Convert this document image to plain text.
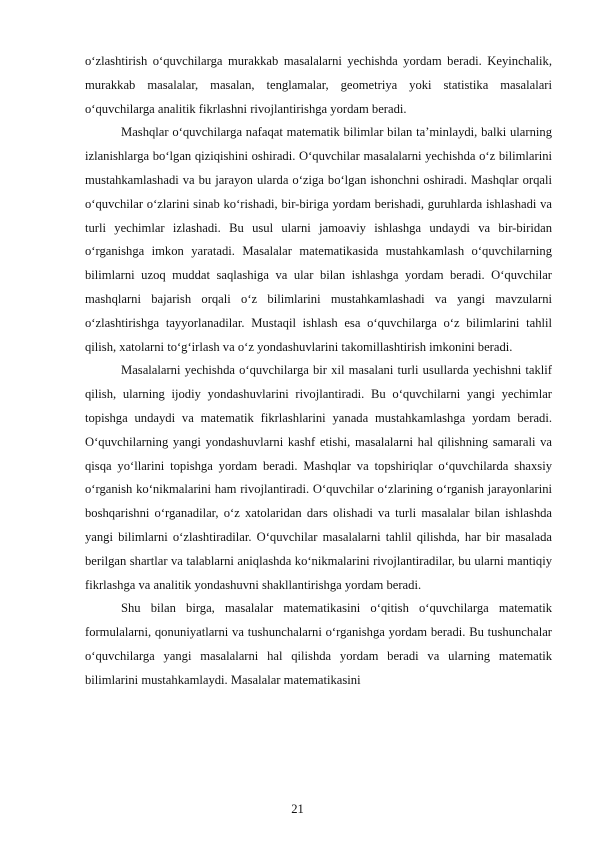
o‘zlashtirish o‘quvchilarga murakkab masalalarni yechishda yordam beradi. Keyinchalik, murakkab masalalar, masalan, tenglamalar, geometriya yoki statistika masalalari o‘quvchilarga analitik fikrlashni rivojlantirishga yordam beradi.

Mashqlar o‘quvchilarga nafaqat matematik bilimlar bilan ta’minlaydi, balki ularning izlanishlarga bo‘lgan qiziqishini oshiradi. O‘quvchilar masalalarni yechishda o‘z bilimlarini mustahkamlashadi va bu jarayon ularda o‘ziga bo‘lgan ishonchni oshiradi. Mashqlar orqali o‘quvchilar o‘zlarini sinab ko‘rishadi, bir-biriga yordam berishadi, guruhlarda ishlashadi va turli yechimlar izlashadi. Bu usul ularni jamoaviy ishlashga undaydi va bir-biridan o‘rganishga imkon yaratadi. Masalalar matematikasida mustahkamlash o‘quvchilarning bilimlarni uzoq muddat saqlashiga va ular bilan ishlashga yordam beradi. O‘quvchilar mashqlarni bajarish orqali o‘z bilimlarini mustahkamlashadi va yangi mavzularni o‘zlashtirishga tayyorlanadilar. Mustaqil ishlash esa o‘quvchilarga o‘z bilimlarini tahlil qilish, xatolarni to‘g‘irlash va o‘z yondashuvlarini takomillashtirish imkonini beradi.

Masalalarni yechishda o‘quvchilarga bir xil masalani turli usullarda yechishni taklif qilish, ularning ijodiy yondashuvlarini rivojlantiradi. Bu o‘quvchilarni yangi yechimlar topishga undaydi va matematik fikrlashlarini yanada mustahkamlashga yordam beradi. O‘quvchilarning yangi yondashuvlarni kashf etishi, masalalarni hal qilishning samarali va qisqa yo‘llarini topishga yordam beradi. Mashqlar va topshiriqlar o‘quvchilarda shaxsiy o‘rganish ko‘nikmalarini ham rivojlantiradi. O‘quvchilar o‘zlarining o‘rganish jarayonlarini boshqarishni o‘rganadilar, o‘z xatolaridan dars olishadi va turli masalalar bilan ishlashda yangi bilimlarni o‘zlashtiradilar. O‘quvchilar masalalarni tahlil qilishda, har bir masalada berilgan shartlar va talablarni aniqlashda ko‘nikmalarini rivojlantiradilar, bu ularni mantiqiy fikrlashga va analitik yondashuvni shakllantirishga yordam beradi.

Shu bilan birga, masalalar matematikasini o‘qitish o‘quvchilarga matematik formulalarni, qonuniyatlarni va tushunchalarni o‘rganishga yordam beradi. Bu tushunchalar o‘quvchilarga yangi masalalarni hal qilishda yordam beradi va ularning matematik bilimlarini mustahkamlaydi. Masalalar matematikasini

21
